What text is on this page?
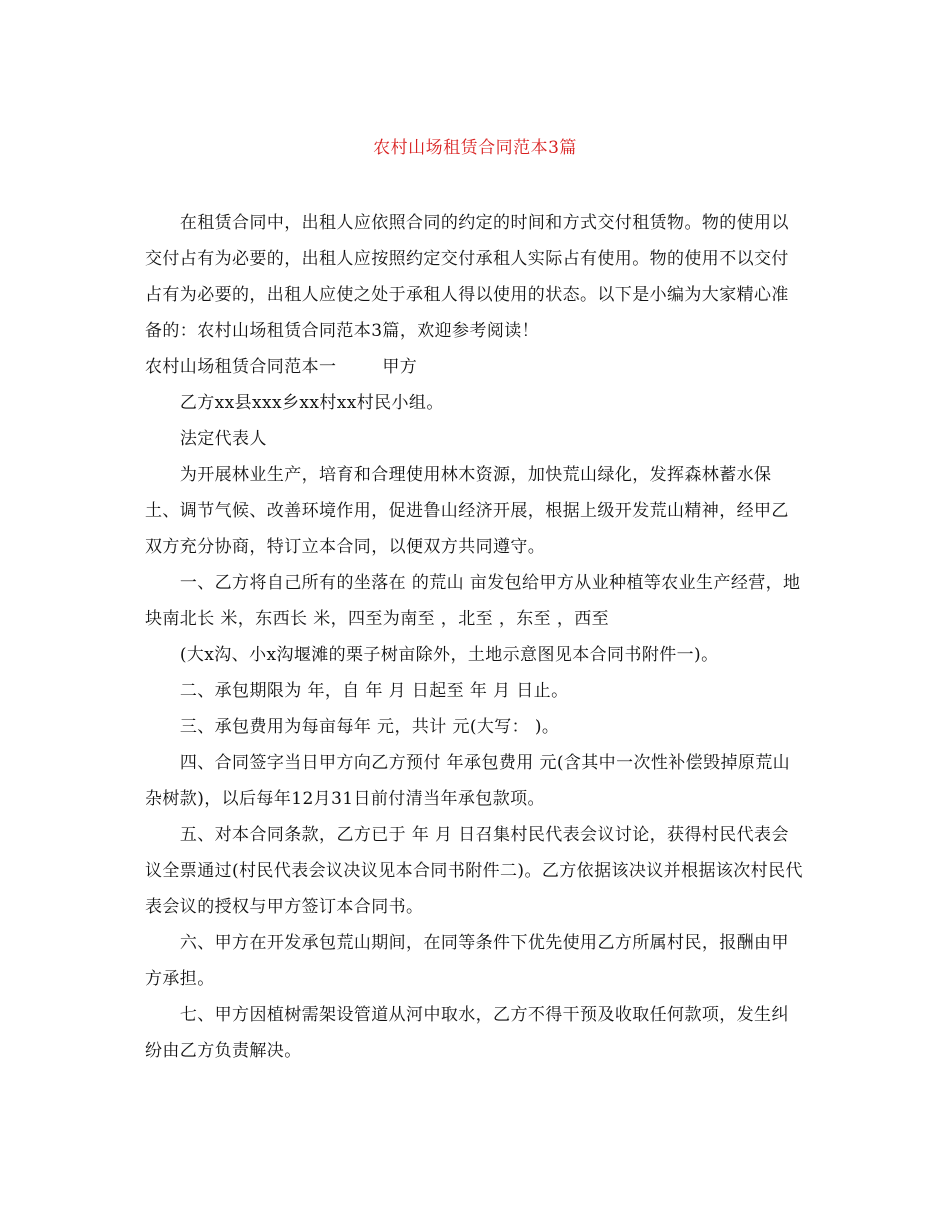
农村山场租赁合同范本3篇

在租赁合同中，出租人应依照合同的约定的时间和方式交付租赁物。物的使用以交付占有为必要的，出租人应按照约定交付承租人实际占有使用。物的使用不以交付占有为必要的，出租人应使之处于承租人得以使用的状态。以下是小编为大家精心准备的：农村山场租赁合同范本3篇，欢迎参考阅读！

农村山场租赁合同范本一	甲方

乙方xx县xxx乡xx村xx村民小组。

法定代表人

为开展林业生产，培育和合理使用林木资源，加快荒山绿化，发挥森林蓄水保土、调节气候、改善环境作用，促进鲁山经济开展，根据上级开发荒山精神，经甲乙双方充分协商，特订立本合同，以便双方共同遵守。

一、乙方将自己所有的坐落在 的荒山 亩发包给甲方从业种植等农业生产经营，地块南北长 米，东西长 米，四至为南至 ，北至 ，东至 ，西至

(大x沟、小x沟堰滩的栗子树亩除外，土地示意图见本合同书附件一)。

二、承包期限为 年，自 年 月 日起至 年 月 日止。

三、承包费用为每亩每年 元，共计 元(大写： )。

四、合同签字当日甲方向乙方预付 年承包费用 元(含其中一次性补偿毁掉原荒山杂树款)，以后每年12月31日前付清当年承包款项。

五、对本合同条款，乙方已于 年 月 日召集村民代表会议讨论，获得村民代表会议全票通过(村民代表会议决议见本合同书附件二)。乙方依据该决议并根据该次村民代表会议的授权与甲方签订本合同书。

六、甲方在开发承包荒山期间，在同等条件下优先使用乙方所属村民，报酬由甲方承担。

七、甲方因植树需架设管道从河中取水，乙方不得干预及收取任何款项，发生纠纷由乙方负责解决。
